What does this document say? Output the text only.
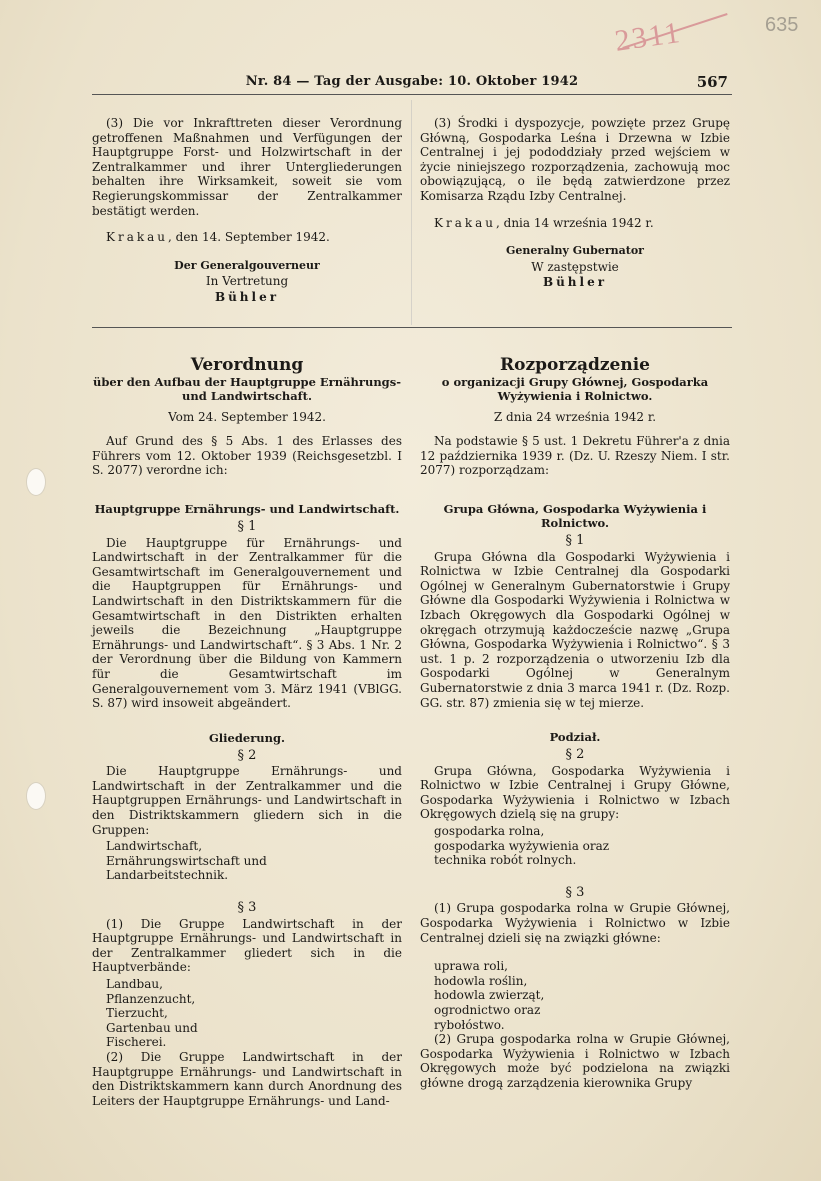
2311	635
Nr. 84 — Tag der Ausgabe: 10. Oktober 1942	567

(3) Die vor Inkrafttreten dieser Verordnung getroffenen Maßnahmen und Verfügungen der Hauptgruppe Forst- und Holzwirtschaft in der Zentralkammer und ihrer Untergliederungen behalten ihre Wirksamkeit, soweit sie vom Regierungskommissar der Zentralkammer bestätigt werden.

Krakau, den 14. September 1942.

Der Generalgouverneur
In Vertretung
Bühler

(3) Środki i dyspozycje, powzięte przez Grupę Główną, Gospodarka Leśna i Drzewna w Izbie Centralnej i jej pododdziały przed wejściem w życie niniejszego rozporządzenia, zachowują moc obowiązującą, o ile będą zatwierdzone przez Komisarza Rządu Izby Centralnej.

Krakau, dnia 14 września 1942 r.

Generalny Gubernator
W zastępstwie
Bühler

Verordnung

über den Aufbau der Hauptgruppe Ernährungs- und Landwirtschaft.

Vom 24. September 1942.

Auf Grund des § 5 Abs. 1 des Erlasses des Führers vom 12. Oktober 1939 (Reichsgesetzbl. I S. 2077) verordne ich:

Hauptgruppe Ernährungs- und Landwirtschaft.
§ 1

Die Hauptgruppe für Ernährungs- und Landwirtschaft in der Zentralkammer für die Gesamtwirtschaft im Generalgouvernement und die Hauptgruppen für Ernährungs- und Landwirtschaft in den Distriktskammern für die Gesamtwirtschaft in den Distrikten erhalten jeweils die Bezeichnung „Hauptgruppe Ernährungs- und Landwirtschaft“. § 3 Abs. 1 Nr. 2 der Verordnung über die Bildung von Kammern für die Gesamtwirtschaft im Generalgouvernement vom 3. März 1941 (VBlGG. S. 87) wird insoweit abgeändert.

Gliederung.
§ 2

Die Hauptgruppe Ernährungs- und Landwirtschaft in der Zentralkammer und die Hauptgruppen Ernährungs- und Landwirtschaft in den Distriktskammern gliedern sich in die Gruppen:

Landwirtschaft,
Ernährungswirtschaft und
Landarbeitstechnik.
§ 3

(1) Die Gruppe Landwirtschaft in der Hauptgruppe Ernährungs- und Landwirtschaft in der Zentralkammer gliedert sich in die Hauptverbände:

Landbau,
Pflanzenzucht,
Tierzucht,
Gartenbau und
Fischerei.

(2) Die Gruppe Landwirtschaft in der Hauptgruppe Ernährungs- und Landwirtschaft in den Distriktskammern kann durch Anordnung des Leiters der Hauptgruppe Ernährungs- und Land-

Rozporządzenie

o organizacji Grupy Głównej, Gospodarka Wyżywienia i Rolnictwo.

Z dnia 24 września 1942 r.

Na podstawie § 5 ust. 1 Dekretu Führer'a z dnia 12 października 1939 r. (Dz. U. Rzeszy Niem. I str. 2077) rozporządzam:

Grupa Główna, Gospodarka Wyżywienia i Rolnictwo.
§ 1

Grupa Główna dla Gospodarki Wyżywienia i Rolnictwa w Izbie Centralnej dla Gospodarki Ogólnej w Generalnym Gubernatorstwie i Grupy Główne dla Gospodarki Wyżywienia i Rolnictwa w Izbach Okręgowych dla Gospodarki Ogólnej w okręgach otrzymują każdoczeście nazwę „Grupa Główna, Gospodarka Wyżywienia i Rolnictwo“. § 3 ust. 1 p. 2 rozporządzenia o utworzeniu Izb dla Gospodarki Ogólnej w Generalnym Gubernatorstwie z dnia 3 marca 1941 r. (Dz. Rozp. GG. str. 87) zmienia się w tej mierze.

Podział.
§ 2

Grupa Główna, Gospodarka Wyżywienia i Rolnictwo w Izbie Centralnej i Grupy Główne, Gospodarka Wyżywienia i Rolnictwo w Izbach Okręgowych dzielą się na grupy:

gospodarka rolna,
gospodarka wyżywienia oraz
technika robót rolnych.
§ 3

(1) Grupa gospodarka rolna w Grupie Głównej, Gospodarka Wyżywienia i Rolnictwo w Izbie Centralnej dzieli się na związki główne:

uprawa roli,
hodowla roślin,
hodowla zwierząt,
ogrodnictwo oraz
rybołóstwo.

(2) Grupa gospodarka rolna w Grupie Głównej, Gospodarka Wyżywienia i Rolnictwo w Izbach Okręgowych może być podzielona na związki główne drogą zarządzenia kierownika Grupy
